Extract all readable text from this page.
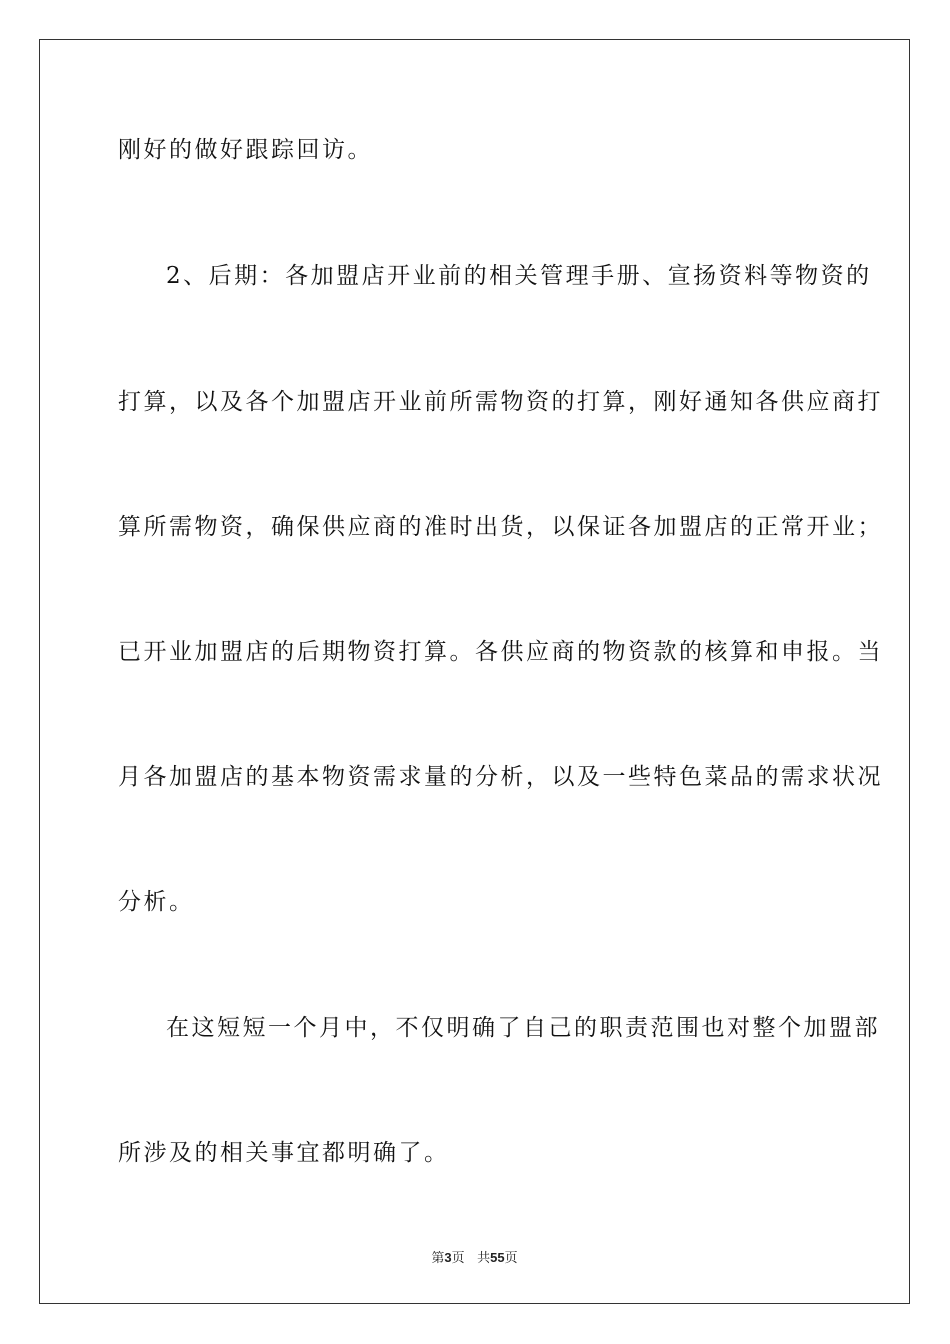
刚好的做好跟踪回访。
2、后期：各加盟店开业前的相关管理手册、宣扬资料等物资的
打算，以及各个加盟店开业前所需物资的打算，刚好通知各供应商打
算所需物资，确保供应商的准时出货，以保证各加盟店的正常开业；
已开业加盟店的后期物资打算。各供应商的物资款的核算和申报。当
月各加盟店的基本物资需求量的分析，以及一些特色菜品的需求状况
分析。
在这短短一个月中，不仅明确了自己的职责范围也对整个加盟部
所涉及的相关事宜都明确了。
第3页 共55页
